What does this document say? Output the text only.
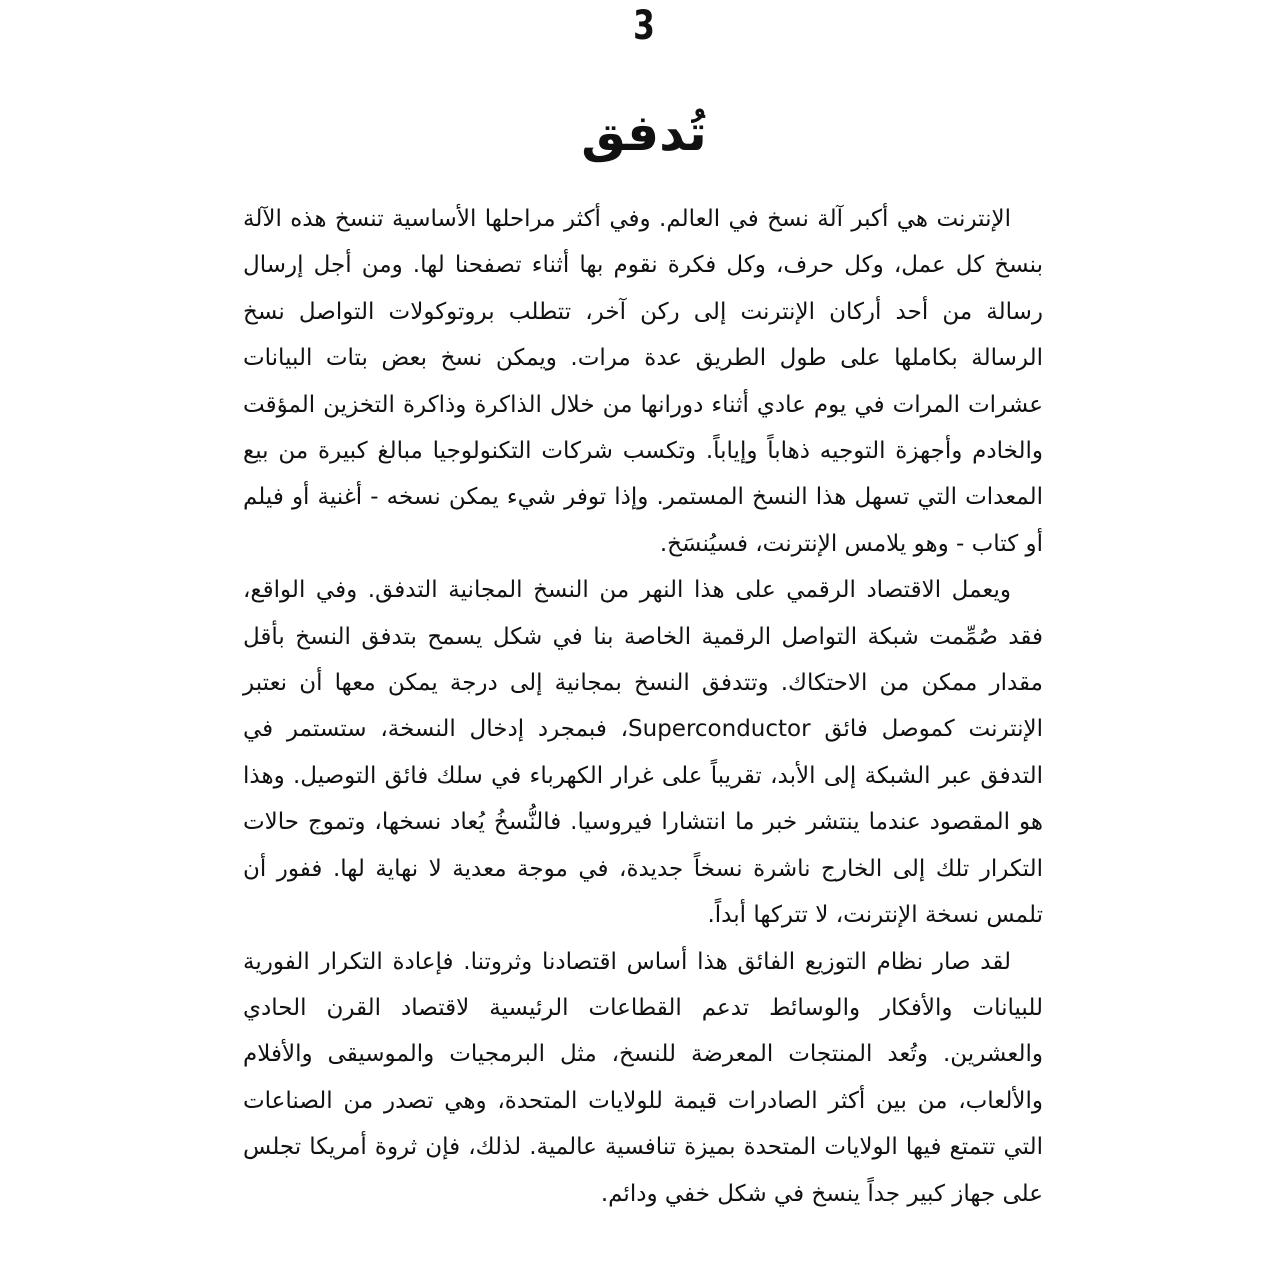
3
تُدفق

الإنترنت هي أكبر آلة نسخ في العالم. وفي أكثر مراحلها الأساسية تنسخ هذه الآلة بنسخ كل عمل، وكل حرف، وكل فكرة نقوم بها أثناء تصفحنا لها. ومن أجل إرسال رسالة من أحد أركان الإنترنت إلى ركن آخر، تتطلب بروتوكولات التواصل نسخ الرسالة بكاملها على طول الطريق عدة مرات. ويمكن نسخ بعض بتات البيانات عشرات المرات في يوم عادي أثناء دورانها من خلال الذاكرة وذاكرة التخزين المؤقت والخادم وأجهزة التوجيه ذهاباً وإياباً. وتكسب شركات التكنولوجيا مبالغ كبيرة من بيع المعدات التي تسهل هذا النسخ المستمر. وإذا توفر شيء يمكن نسخه - أغنية أو فيلم أو كتاب - وهو يلامس الإنترنت، فسيُنسَخ.

ويعمل الاقتصاد الرقمي على هذا النهر من النسخ المجانية التدفق. وفي الواقع، فقد صُمِّمت شبكة التواصل الرقمية الخاصة بنا في شكل يسمح بتدفق النسخ بأقل مقدار ممكن من الاحتكاك. وتتدفق النسخ بمجانية إلى درجة يمكن معها أن نعتبر الإنترنت كموصل فائق Superconductor، فبمجرد إدخال النسخة، ستستمر في التدفق عبر الشبكة إلى الأبد، تقريباً على غرار الكهرباء في سلك فائق التوصيل. وهذا هو المقصود عندما ينتشر خبر ما انتشارا فيروسيا. فالنُّسخُ يُعاد نسخها، وتموج حالات التكرار تلك إلى الخارج ناشرة نسخاً جديدة، في موجة معدية لا نهاية لها. ففور أن تلمس نسخة الإنترنت، لا تتركها أبداً.

لقد صار نظام التوزيع الفائق هذا أساس اقتصادنا وثروتنا. فإعادة التكرار الفورية للبيانات والأفكار والوسائط تدعم القطاعات الرئيسية لاقتصاد القرن الحادي والعشرين. وتُعد المنتجات المعرضة للنسخ، مثل البرمجيات والموسيقى والأفلام والألعاب، من بين أكثر الصادرات قيمة للولايات المتحدة، وهي تصدر من الصناعات التي تتمتع فيها الولايات المتحدة بميزة تنافسية عالمية. لذلك، فإن ثروة أمريكا تجلس على جهاز كبير جداً ينسخ في شكل خفي ودائم.
